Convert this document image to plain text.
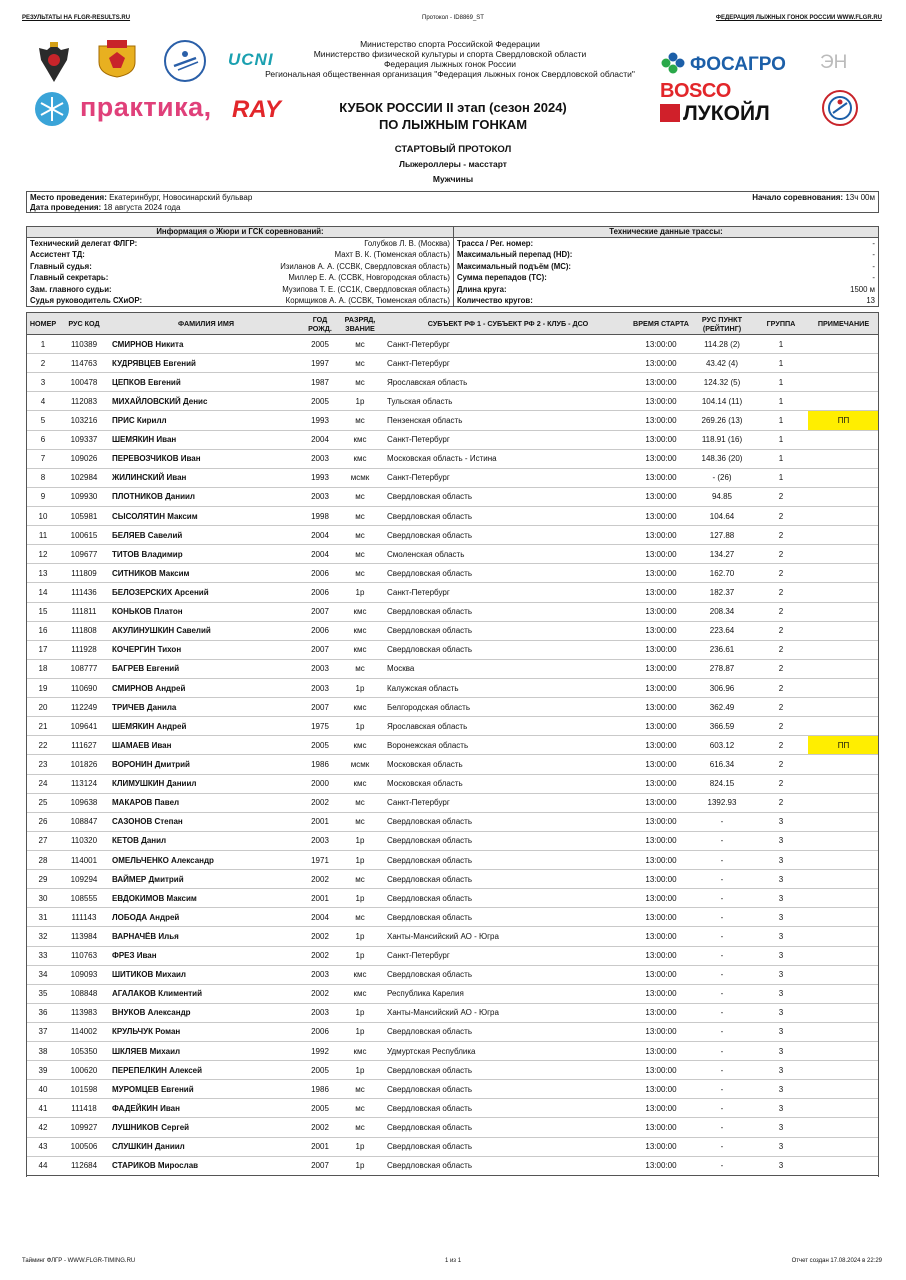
РЕЗУЛЬТАТЫ НА FLGR-RESULTS.RU	Протокол - ID8869_ST	ФЕДЕРАЦИЯ ЛЫЖНЫХ ГОНОК РОССИИ WWW.FLGR.RU
UCNI
практика, RAY
Министерство спорта Российской Федерации
Министерство физической культуры и спорта Свердловской области
Федерация лыжных гонок России
Региональная общественная организация "Федерация лыжных гонок Свердловской области"
КУБОК РОССИИ II этап (сезон 2024)
ПО ЛЫЖНЫМ ГОНКАМ
ФОСАГРО ЭН
BOSCO
ЛУКОЙЛ
СТАРТОВЫЙ ПРОТОКОЛ
Лыжероллеры - масстарт
Мужчины
Место проведения: Екатеринбург, Новосинарский бульвар
Дата проведения: 18 августа 2024 года
Начало соревнования: 13ч 00м
Информация о Жюри и ГСК соревнований:	Технические данные трассы:
Технический делегат ФЛГР:	Голубков Л. В. (Москва)
Ассистент ТД:	Махт В. К. (Тюменская область)
Главный судья:	Изиланов А. А. (ССВК, Свердловская область)
Главный секретарь:	Миллер Е. А. (ССВК, Новгородская область)
Зам. главного судьи:	Музипова Т. Е. (СС1К, Свердловская область)
Судья руководитель СХиОР:	Кормщиков А. А. (ССВК, Тюменская область)
Трасса / Рег. номер:	-
Максимальный перепад (HD):	-
Максимальный подъём (MC):	-
Сумма перепадов (TC):	-
Длина круга:	1500 м
Количество кругов:	13
НОМЕР	РУС КОД	ФАМИЛИЯ ИМЯ	ГОД РОЖД.	РАЗРЯД, ЗВАНИЕ	СУБЪЕКТ РФ 1 - СУБЪЕКТ РФ 2 - КЛУБ - ДСО	ВРЕМЯ СТАРТА	РУС ПУНКТ (РЕЙТИНГ)	ГРУППА	ПРИМЕЧАНИЕ
1	110389	СМИРНОВ Никита	2005	мс	Санкт-Петербург	13:00:00	114.28 (2)	1	
2	114763	КУДРЯВЦЕВ Евгений	1997	мс	Санкт-Петербург	13:00:00	43.42 (4)	1	
3	100478	ЦЕПКОВ Евгений	1987	мс	Ярославская область	13:00:00	124.32 (5)	1	
4	112083	МИХАЙЛОВСКИЙ Денис	2005	1р	Тульская область	13:00:00	104.14 (11)	1	
5	103216	ПРИС Кирилл	1993	мс	Пензенская область	13:00:00	269.26 (13)	1	ПП
6	109337	ШЕМЯКИН Иван	2004	кмс	Санкт-Петербург	13:00:00	118.91 (16)	1	
7	109026	ПЕРЕВОЗЧИКОВ Иван	2003	кмс	Московская область - Истина	13:00:00	148.36 (20)	1	
8	102984	ЖИЛИНСКИЙ Иван	1993	мсмк	Санкт-Петербург	13:00:00	- (26)	1	
9	109930	ПЛОТНИКОВ Даниил	2003	мс	Свердловская область	13:00:00	94.85	2	
10	105981	СЫСОЛЯТИН Максим	1998	мс	Свердловская область	13:00:00	104.64	2	
11	100615	БЕЛЯЕВ Савелий	2004	мс	Свердловская область	13:00:00	127.88	2	
12	109677	ТИТОВ Владимир	2004	мс	Смоленская область	13:00:00	134.27	2	
13	111809	СИТНИКОВ Максим	2006	мс	Свердловская область	13:00:00	162.70	2	
14	111436	БЕЛОЗЕРСКИХ Арсений	2006	1р	Санкт-Петербург	13:00:00	182.37	2	
15	111811	КОНЬКОВ Платон	2007	кмс	Свердловская область	13:00:00	208.34	2	
16	111808	АКУЛИНУШКИН Савелий	2006	кмс	Свердловская область	13:00:00	223.64	2	
17	111928	КОЧЕРГИН Тихон	2007	кмс	Свердловская область	13:00:00	236.61	2	
18	108777	БАГРЕВ Евгений	2003	мс	Москва	13:00:00	278.87	2	
19	110690	СМИРНОВ Андрей	2003	1р	Калужская область	13:00:00	306.96	2	
20	112249	ТРИЧЕВ Данила	2007	кмс	Белгородская область	13:00:00	362.49	2	
21	109641	ШЕМЯКИН Андрей	1975	1р	Ярославская область	13:00:00	366.59	2	
22	111627	ШАМАЕВ Иван	2005	кмс	Воронежская область	13:00:00	603.12	2	ПП
23	101826	ВОРОНИН Дмитрий	1986	мсмк	Московская область	13:00:00	616.34	2	
24	113124	КЛИМУШКИН Даниил	2000	кмс	Московская область	13:00:00	824.15	2	
25	109638	МАКАРОВ Павел	2002	мс	Санкт-Петербург	13:00:00	1392.93	2	
26	108847	САЗОНОВ Степан	2001	мс	Свердловская область	13:00:00	-	3	
27	110320	КЕТОВ Данил	2003	1р	Свердловская область	13:00:00	-	3	
28	114001	ОМЕЛЬЧЕНКО Александр	1971	1р	Свердловская область	13:00:00	-	3	
29	109294	ВАЙМЕР Дмитрий	2002	мс	Свердловская область	13:00:00	-	3	
30	108555	ЕВДОКИМОВ Максим	2001	1р	Свердловская область	13:00:00	-	3	
31	111143	ЛОБОДА Андрей	2004	мс	Свердловская область	13:00:00	-	3	
32	113984	ВАРНАЧЁВ Илья	2002	1р	Ханты-Мансийский АО - Югра	13:00:00	-	3	
33	110763	ФРЕЗ Иван	2002	1р	Санкт-Петербург	13:00:00	-	3	
34	109093	ШИТИКОВ Михаил	2003	кмс	Свердловская область	13:00:00	-	3	
35	108848	АГАЛАКОВ Климентий	2002	кмс	Республика Карелия	13:00:00	-	3	
36	113983	ВНУКОВ Александр	2003	1р	Ханты-Мансийский АО - Югра	13:00:00	-	3	
37	114002	КРУЛЬЧУК Роман	2006	1р	Свердловская область	13:00:00	-	3	
38	105350	ШКЛЯЕВ Михаил	1992	кмс	Удмуртская Республика	13:00:00	-	3	
39	100620	ПЕРЕПЕЛКИН Алексей	2005	1р	Свердловская область	13:00:00	-	3	
40	101598	МУРОМЦЕВ Евгений	1986	мс	Свердловская область	13:00:00	-	3	
41	111418	ФАДЕЙКИН Иван	2005	мс	Свердловская область	13:00:00	-	3	
42	109927	ЛУШНИКОВ Сергей	2002	мс	Свердловская область	13:00:00	-	3	
43	100506	СЛУШКИН Даниил	2001	1р	Свердловская область	13:00:00	-	3	
44	112684	СТАРИКОВ Мирослав	2007	1р	Свердловская область	13:00:00	-	3	
Тайминг ФЛГР - WWW.FLGR-TIMING.RU	1 из 1	Отчет создан 17.08.2024 в 22:29
